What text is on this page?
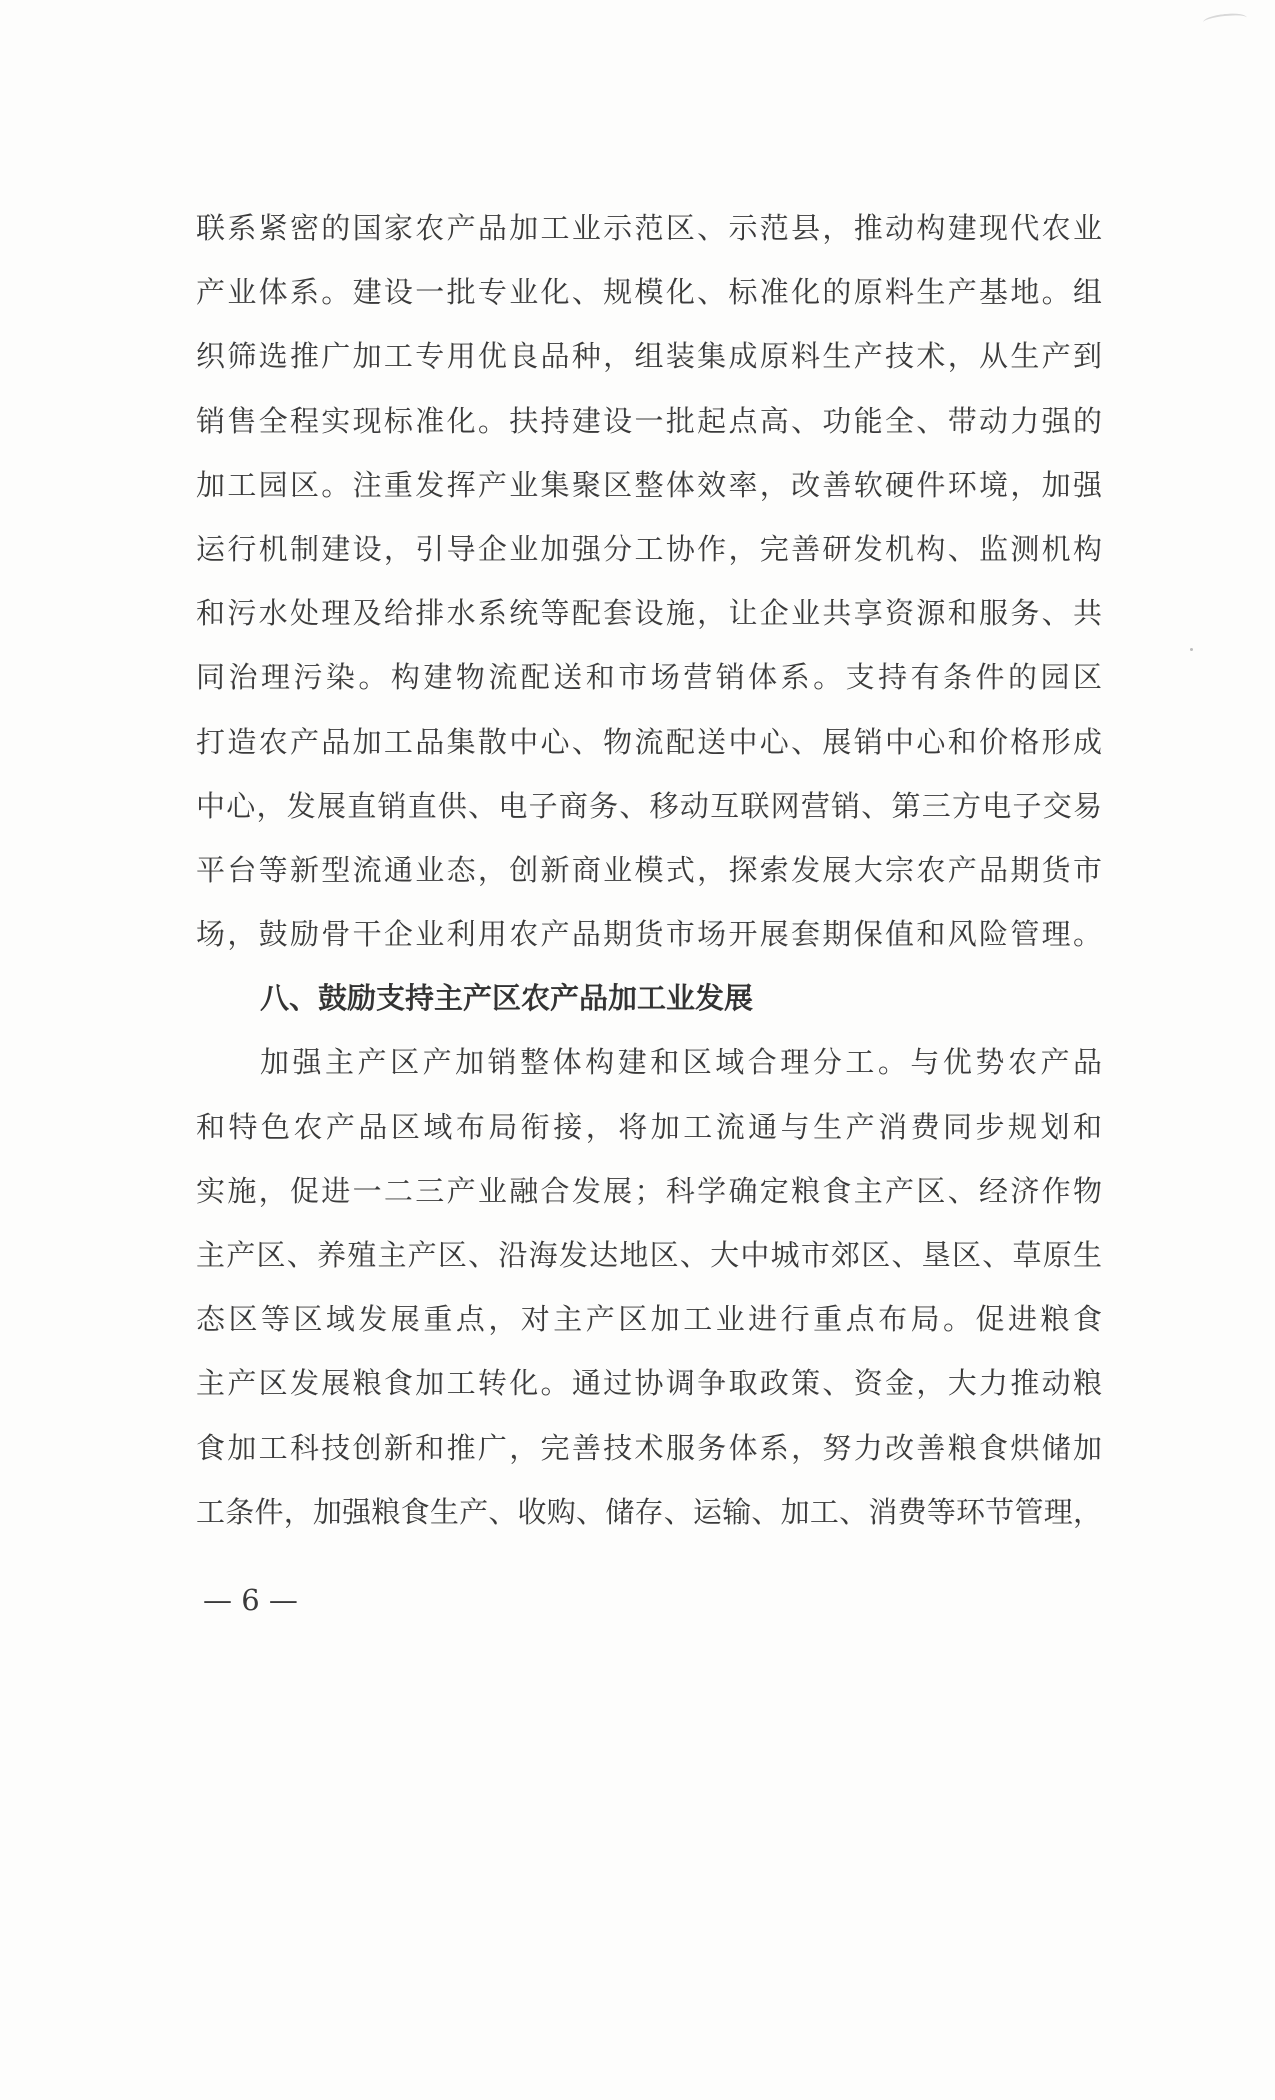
联系紧密的国家农产品加工业示范区、示范县，推动构建现代农业
产业体系。建设一批专业化、规模化、标准化的原料生产基地。组
织筛选推广加工专用优良品种，组装集成原料生产技术，从生产到
销售全程实现标准化。扶持建设一批起点高、功能全、带动力强的
加工园区。注重发挥产业集聚区整体效率，改善软硬件环境，加强
运行机制建设，引导企业加强分工协作，完善研发机构、监测机构
和污水处理及给排水系统等配套设施，让企业共享资源和服务、共
同治理污染。构建物流配送和市场营销体系。支持有条件的园区
打造农产品加工品集散中心、物流配送中心、展销中心和价格形成
中心，发展直销直供、电子商务、移动互联网营销、第三方电子交易
平台等新型流通业态，创新商业模式，探索发展大宗农产品期货市
场，鼓励骨干企业利用农产品期货市场开展套期保值和风险管理。
八、鼓励支持主产区农产品加工业发展
加强主产区产加销整体构建和区域合理分工。与优势农产品
和特色农产品区域布局衔接，将加工流通与生产消费同步规划和
实施，促进一二三产业融合发展；科学确定粮食主产区、经济作物
主产区、养殖主产区、沿海发达地区、大中城市郊区、垦区、草原生
态区等区域发展重点，对主产区加工业进行重点布局。促进粮食
主产区发展粮食加工转化。通过协调争取政策、资金，大力推动粮
食加工科技创新和推广，完善技术服务体系，努力改善粮食烘储加
工条件，加强粮食生产、收购、储存、运输、加工、消费等环节管理，
— 6 —
